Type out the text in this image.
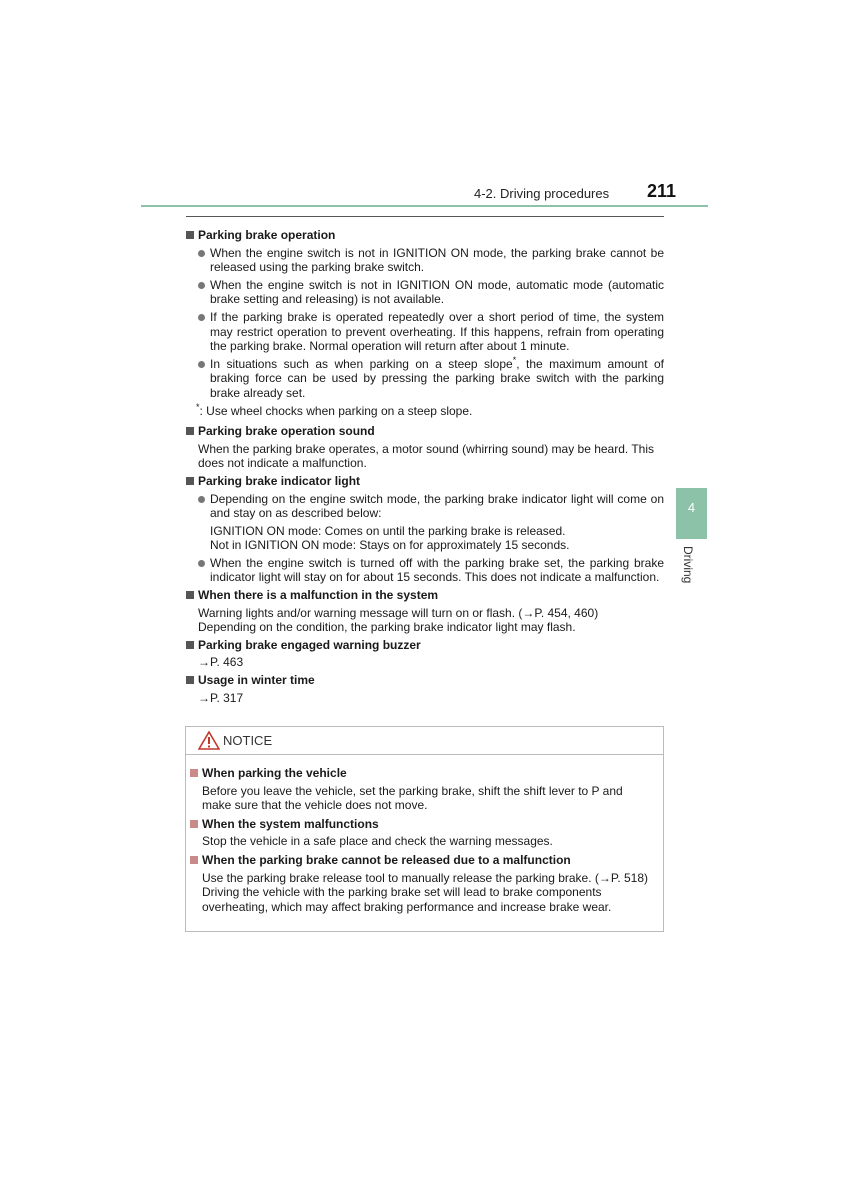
4-2. Driving procedures 211
4
Driving

Parking brake operation

When the engine switch is not in IGNITION ON mode, the parking brake cannot be released using the parking brake switch.
When the engine switch is not in IGNITION ON mode, automatic mode (automatic brake setting and releasing) is not available.
If the parking brake is operated repeatedly over a short period of time, the system may restrict operation to prevent overheating. If this happens, refrain from operating the parking brake. Normal operation will return after about 1 minute.
In situations such as when parking on a steep slope*, the maximum amount of braking force can be used by pressing the parking brake switch with the parking brake already set.
*: Use wheel chocks when parking on a steep slope.

Parking brake operation sound

When the parking brake operates, a motor sound (whirring sound) may be heard. This does not indicate a malfunction.

Parking brake indicator light

Depending on the engine switch mode, the parking brake indicator light will come on and stay on as described below:
IGNITION ON mode: Comes on until the parking brake is released.
Not in IGNITION ON mode: Stays on for approximately 15 seconds.
When the engine switch is turned off with the parking brake set, the parking brake indicator light will stay on for about 15 seconds. This does not indicate a malfunction.

When there is a malfunction in the system

Warning lights and/or warning message will turn on or flash. (→P. 454, 460)
Depending on the condition, the parking brake indicator light may flash.

Parking brake engaged warning buzzer

→P. 463

Usage in winter time

→P. 317
NOTICE

When parking the vehicle

Before you leave the vehicle, set the parking brake, shift the shift lever to P and make sure that the vehicle does not move.

When the system malfunctions

Stop the vehicle in a safe place and check the warning messages.

When the parking brake cannot be released due to a malfunction

Use the parking brake release tool to manually release the parking brake. (→P. 518) Driving the vehicle with the parking brake set will lead to brake components overheating, which may affect braking performance and increase brake wear.
